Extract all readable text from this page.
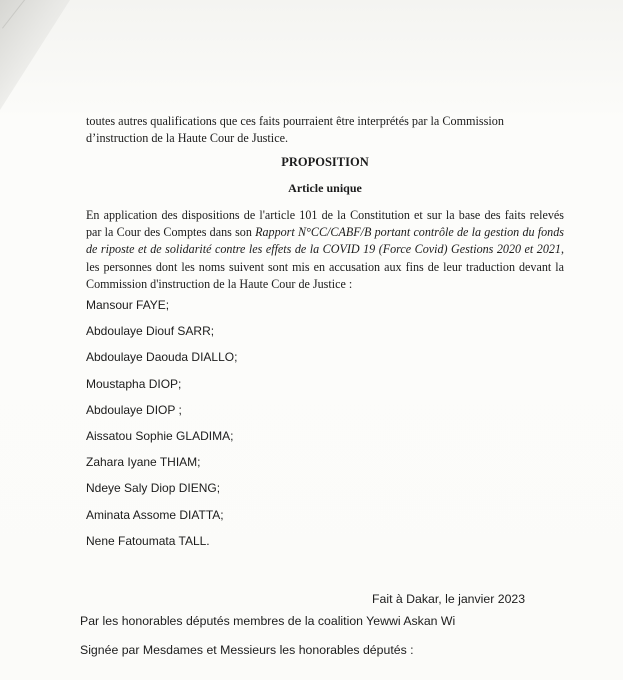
toutes autres qualifications que ces faits pourraient être interprétés par la Commission d’instruction de la Haute Cour de Justice.
PROPOSITION
Article unique
En application des dispositions de l'article 101 de la Constitution et sur la base des faits relevés par la Cour des Comptes dans son Rapport N°CC/CABF/B portant contrôle de la gestion du fonds de riposte et de solidarité contre les effets de la COVID 19 (Force Covid) Gestions 2020 et 2021, les personnes dont les noms suivent sont mis en accusation aux fins de leur traduction devant la Commission d'instruction de la Haute Cour de Justice :
Mansour FAYE;
Abdoulaye Diouf SARR;
Abdoulaye Daouda DIALLO;
Moustapha DIOP;
Abdoulaye DIOP ;
Aissatou Sophie GLADIMA;
Zahara Iyane THIAM;
Ndeye Saly Diop DIENG;
Aminata Assome DIATTA;
Nene Fatoumata TALL.
Fait à Dakar, le janvier 2023
Par les honorables députés membres de la coalition Yewwi Askan Wi
Signée par Mesdames et Messieurs les honorables députés :
